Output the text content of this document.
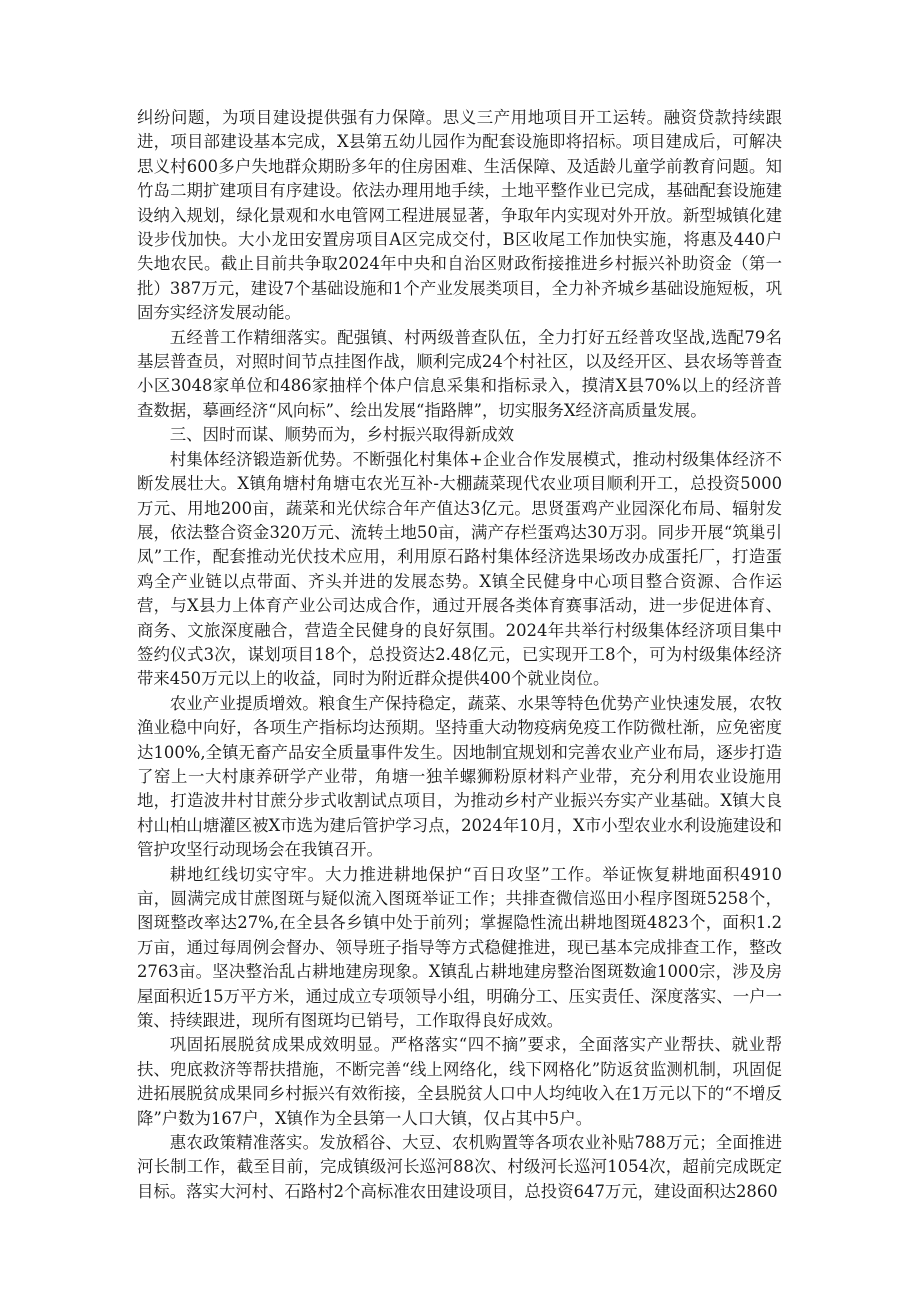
纠纷问题，为项目建设提供强有力保障。思义三产用地项目开工运转。融资贷款持续跟进，项目部建设基本完成，X县第五幼儿园作为配套设施即将招标。项目建成后，可解决思义村600多户失地群众期盼多年的住房困难、生活保障、及适龄儿童学前教育问题。知竹岛二期扩建项目有序建设。依法办理用地手续，土地平整作业已完成，基础配套设施建设纳入规划，绿化景观和水电管网工程进展显著，争取年内实现对外开放。新型城镇化建设步伐加快。大小龙田安置房项目A区完成交付，B区收尾工作加快实施，将惠及440户失地农民。截止目前共争取2024年中央和自治区财政衔接推进乡村振兴补助资金（第一批）387万元，建设7个基础设施和1个产业发展类项目，全力补齐城乡基础设施短板，巩固夯实经济发展动能。

五经普工作精细落实。配强镇、村两级普查队伍，全力打好五经普攻坚战,选配79名基层普查员，对照时间节点挂图作战，顺利完成24个村社区，以及经开区、县农场等普查小区3048家单位和486家抽样个体户信息采集和指标录入，摸清X县70%以上的经济普查数据，摹画经济“风向标”、绘出发展“指路牌”，切实服务X经济高质量发展。

三、因时而谋、顺势而为，乡村振兴取得新成效

村集体经济锻造新优势。不断强化村集体+企业合作发展模式，推动村级集体经济不断发展壮大。X镇角塘村角塘屯农光互补-大棚蔬菜现代农业项目顺利开工，总投资5000万元、用地200亩，蔬菜和光伏综合年产值达3亿元。思贤蛋鸡产业园深化布局、辐射发展，依法整合资金320万元、流转土地50亩，满产存栏蛋鸡达30万羽。同步开展“筑巢引凤”工作，配套推动光伏技术应用，利用原石路村集体经济选果场改办成蛋托厂，打造蛋鸡全产业链以点带面、齐头并进的发展态势。X镇全民健身中心项目整合资源、合作运营，与X县力上体育产业公司达成合作，通过开展各类体育赛事活动，进一步促进体育、商务、文旅深度融合，营造全民健身的良好氛围。2024年共举行村级集体经济项目集中签约仪式3次，谋划项目18个，总投资达2.48亿元，已实现开工8个，可为村级集体经济带来450万元以上的收益，同时为附近群众提供400个就业岗位。

农业产业提质增效。粮食生产保持稳定，蔬菜、水果等特色优势产业快速发展，农牧渔业稳中向好，各项生产指标均达预期。坚持重大动物疫病免疫工作防微杜渐，应免密度达100%,全镇无畜产品安全质量事件发生。因地制宜规划和完善农业产业布局，逐步打造了窑上一大村康养研学产业带，角塘一独羊螺狮粉原材料产业带，充分利用农业设施用地，打造波井村甘蔗分步式收割试点项目，为推动乡村产业振兴夯实产业基础。X镇大良村山柏山塘灌区被X市选为建后管护学习点，2024年10月，X市小型农业水利设施建设和管护攻坚行动现场会在我镇召开。

耕地红线切实守牢。大力推进耕地保护“百日攻坚”工作。举证恢复耕地面积4910亩，圆满完成甘蔗图斑与疑似流入图斑举证工作；共排查微信巡田小程序图斑5258个，图斑整改率达27%,在全县各乡镇中处于前列；掌握隐性流出耕地图斑4823个，面积1.2万亩，通过每周例会督办、领导班子指导等方式稳健推进，现已基本完成排查工作，整改2763亩。坚决整治乱占耕地建房现象。X镇乱占耕地建房整治图斑数逾1000宗，涉及房屋面积近15万平方米，通过成立专项领导小组，明确分工、压实责任、深度落实、一户一策、持续跟进，现所有图斑均已销号，工作取得良好成效。

巩固拓展脱贫成果成效明显。严格落实“四不摘”要求，全面落实产业帮扶、就业帮扶、兜底救济等帮扶措施，不断完善“线上网络化，线下网格化”防返贫监测机制，巩固促进拓展脱贫成果同乡村振兴有效衔接，全县脱贫人口中人均纯收入在1万元以下的“不增反降”户数为167户，X镇作为全县第一人口大镇，仅占其中5户。

惠农政策精准落实。发放稻谷、大豆、农机购置等各项农业补贴788万元；全面推进河长制工作，截至目前，完成镇级河长巡河88次、村级河长巡河1054次，超前完成既定目标。落实大河村、石路村2个高标准农田建设项目，总投资647万元，建设面积达2860
